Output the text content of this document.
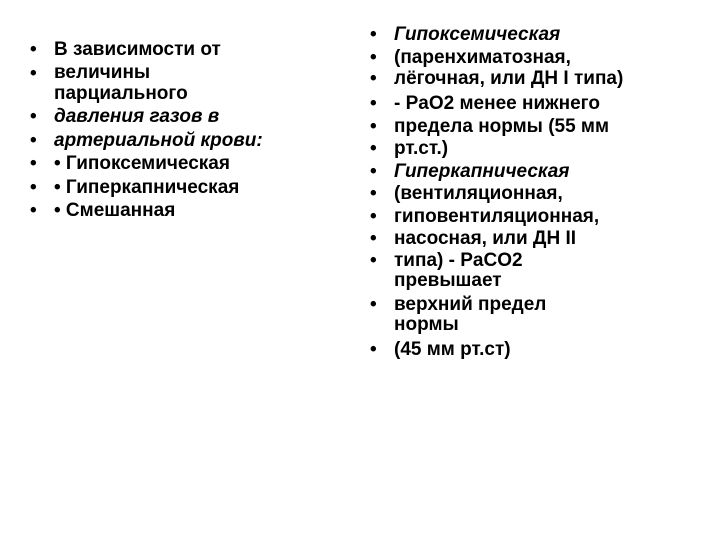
• В зависимости от
• величины парциального
• давления газов в
• артериальной крови:
• • Гипоксемическая
• • Гиперкапническая
• • Смешанная
• Гипоксемическая
• (паренхиматозная,
• лёгочная, или ДН I типа)
• - PaO2 менее нижнего
• предела нормы (55 мм
• рт.ст.)
• Гиперкапническая
• (вентиляционная,
• гиповентиляционная,
• насосная, или ДН II
• типа) - PaCO2 превышает
• верхний предел нормы
• (45 мм рт.ст)
